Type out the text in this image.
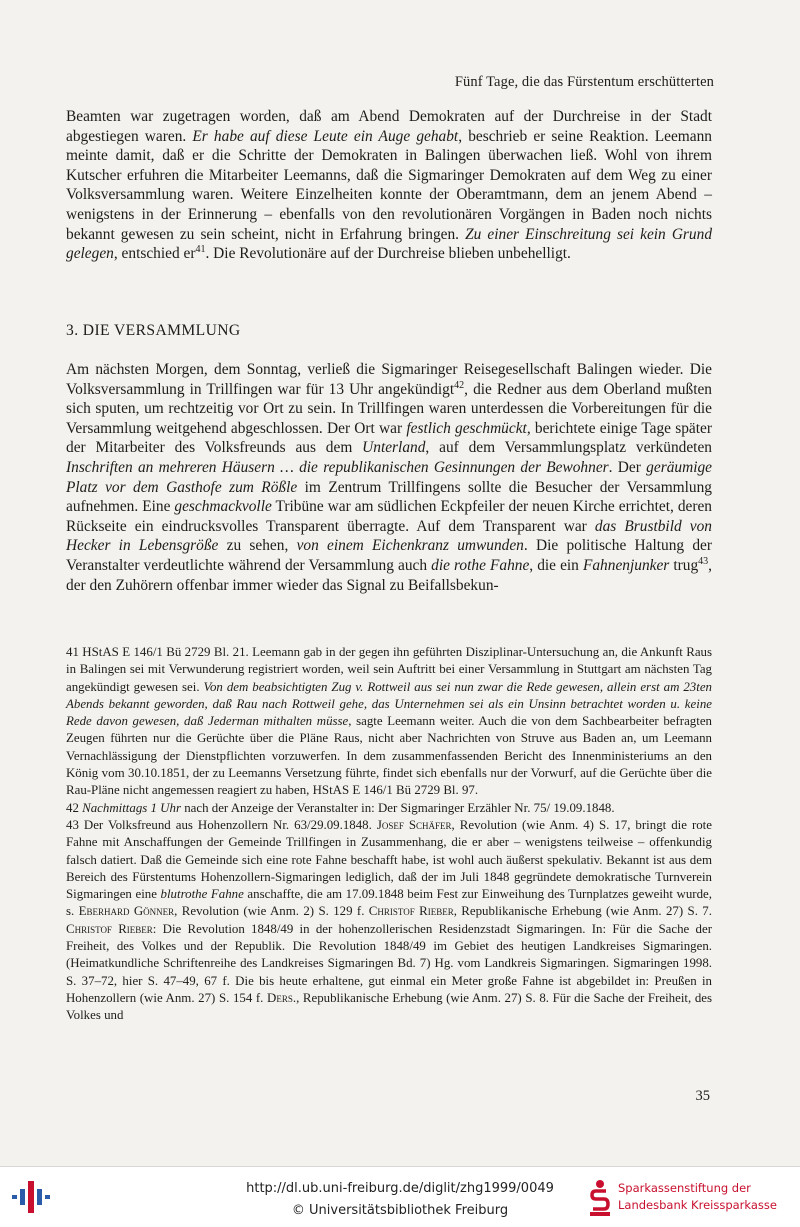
Fünf Tage, die das Fürstentum erschütterten

Beamten war zugetragen worden, daß am Abend Demokraten auf der Durchreise in der Stadt abgestiegen waren. Er habe auf diese Leute ein Auge gehabt, beschrieb er seine Reaktion. Leemann meinte damit, daß er die Schritte der Demokraten in Balingen überwachen ließ. Wohl von ihrem Kutscher erfuhren die Mitarbeiter Leemanns, daß die Sigmaringer Demokraten auf dem Weg zu einer Volksversammlung waren. Weitere Einzelheiten konnte der Oberamtmann, dem an jenem Abend – wenigstens in der Erinnerung – ebenfalls von den revolutionären Vorgängen in Baden noch nichts bekannt gewesen zu sein scheint, nicht in Erfahrung bringen. Zu einer Einschreitung sei kein Grund gelegen, entschied $er^{41}$. Die Revolutionäre auf der Durchreise blieben unbehelligt.

3. DIE VERSAMMLUNG

Am nächsten Morgen, dem Sonntag, verließ die Sigmaringer Reisegesellschaft Balingen wieder. Die Volksversammlung in Trillfingen war für 13 Uhr angekündigt$^{42}$, die Redner aus dem Oberland mußten sich sputen, um rechtzeitig vor Ort zu sein. In Trillfingen waren unterdessen die Vorbereitungen für die Versammlung weitgehend abgeschlossen. Der Ort war festlich geschmückt, berichtete einige Tage später der Mitarbeiter des Volksfreunds aus dem Unterland, auf dem Versammlungsplatz verkündeten Inschriften an mehreren Häusern … die republikanischen Gesinnungen der Bewohner. Der geräumige Platz vor dem Gasthofe zum Rößle im Zentrum Trillfingens sollte die Besucher der Versammlung aufnehmen. Eine geschmackvolle Tribüne war am südlichen Eckpfeiler der neuen Kirche errichtet, deren Rückseite ein eindrucksvolles Transparent überragte. Auf dem Transparent war das Brustbild von Hecker in Lebensgröße zu sehen, von einem Eichenkranz umwunden. Die politische Haltung der Veranstalter verdeutlichte während der Versammlung auch die rothe Fahne, die ein Fahnenjunker trug$^{43}$, der den Zuhörern offenbar immer wieder das Signal zu Beifallsbekun-

41 HStAS E 146/1 Bü 2729 Bl. 21. Leemann gab in der gegen ihn geführten Disziplinar-Untersuchung an, die Ankunft Raus in Balingen sei mit Verwunderung registriert worden, weil sein Auftritt bei einer Versammlung in Stuttgart am nächsten Tag angekündigt gewesen sei. Von dem beabsichtigten Zug v. Rottweil aus sei nun zwar die Rede gewesen, allein erst am 23ten Abends bekannt geworden, daß Rau nach Rottweil gehe, das Unternehmen sei als ein Unsinn betrachtet worden u. keine Rede davon gewesen, daß Jederman mithalten müsse, sagte Leemann weiter. Auch die von dem Sachbearbeiter befragten Zeugen führten nur die Gerüchte über die Pläne Raus, nicht aber Nachrichten von Struve aus Baden an, um Leemann Vernachlässigung der Dienstpflichten vorzuwerfen. In dem zusammenfassenden Bericht des Innenministeriums an den König vom 30.10.1851, der zu Leemanns Versetzung führte, findet sich ebenfalls nur der Vorwurf, auf die Gerüchte über die Rau-Pläne nicht angemessen reagiert zu haben, HStAS E 146/1 Bü 2729 Bl. 97.

42 Nachmittags 1 Uhr nach der Anzeige der Veranstalter in: Der Sigmaringer Erzähler Nr. 75/ 19.09.1848.

43 Der Volksfreund aus Hohenzollern Nr. 63/29.09.1848. Josef Schäfer, Revolution (wie Anm. 4) S. 17, bringt die rote Fahne mit Anschaffungen der Gemeinde Trillfingen in Zusammenhang, die er aber – wenigstens teilweise – offenkundig falsch datiert. Daß die Gemeinde sich eine rote Fahne beschafft habe, ist wohl auch äußerst spekulativ. Bekannt ist aus dem Bereich des Fürstentums Hohenzollern-Sigmaringen lediglich, daß der im Juli 1848 gegründete demokratische Turnverein Sigmaringen eine blutrothe Fahne anschaffte, die am 17.09.1848 beim Fest zur Einweihung des Turnplatzes geweiht wurde, s. Eberhard Gönner, Revolution (wie Anm. 2) S. 129 f. Christof Rieber, Republikanische Erhebung (wie Anm. 27) S. 7. Christof Rieber: Die Revolution 1848/49 in der hohenzollerischen Residenzstadt Sigmaringen. In: Für die Sache der Freiheit, des Volkes und der Republik. Die Revolution 1848/49 im Gebiet des heutigen Landkreises Sigmaringen. (Heimatkundliche Schriftenreihe des Landkreises Sigmaringen Bd. 7) Hg. vom Landkreis Sigmaringen. Sigmaringen 1998. S. 37–72, hier S. 47–49, 67 f. Die bis heute erhaltene, gut einmal ein Meter große Fahne ist abgebildet in: Preußen in Hohenzollern (wie Anm. 27) S. 154 f. Ders., Republikanische Erhebung (wie Anm. 27) S. 8. Für die Sache der Freiheit, des Volkes und

35
http://dl.ub.uni-freiburg.de/diglit/zhg1999/0049
© Universitätsbibliothek Freiburg
Sparkassenstiftung der
Landesbank Kreissparkasse
